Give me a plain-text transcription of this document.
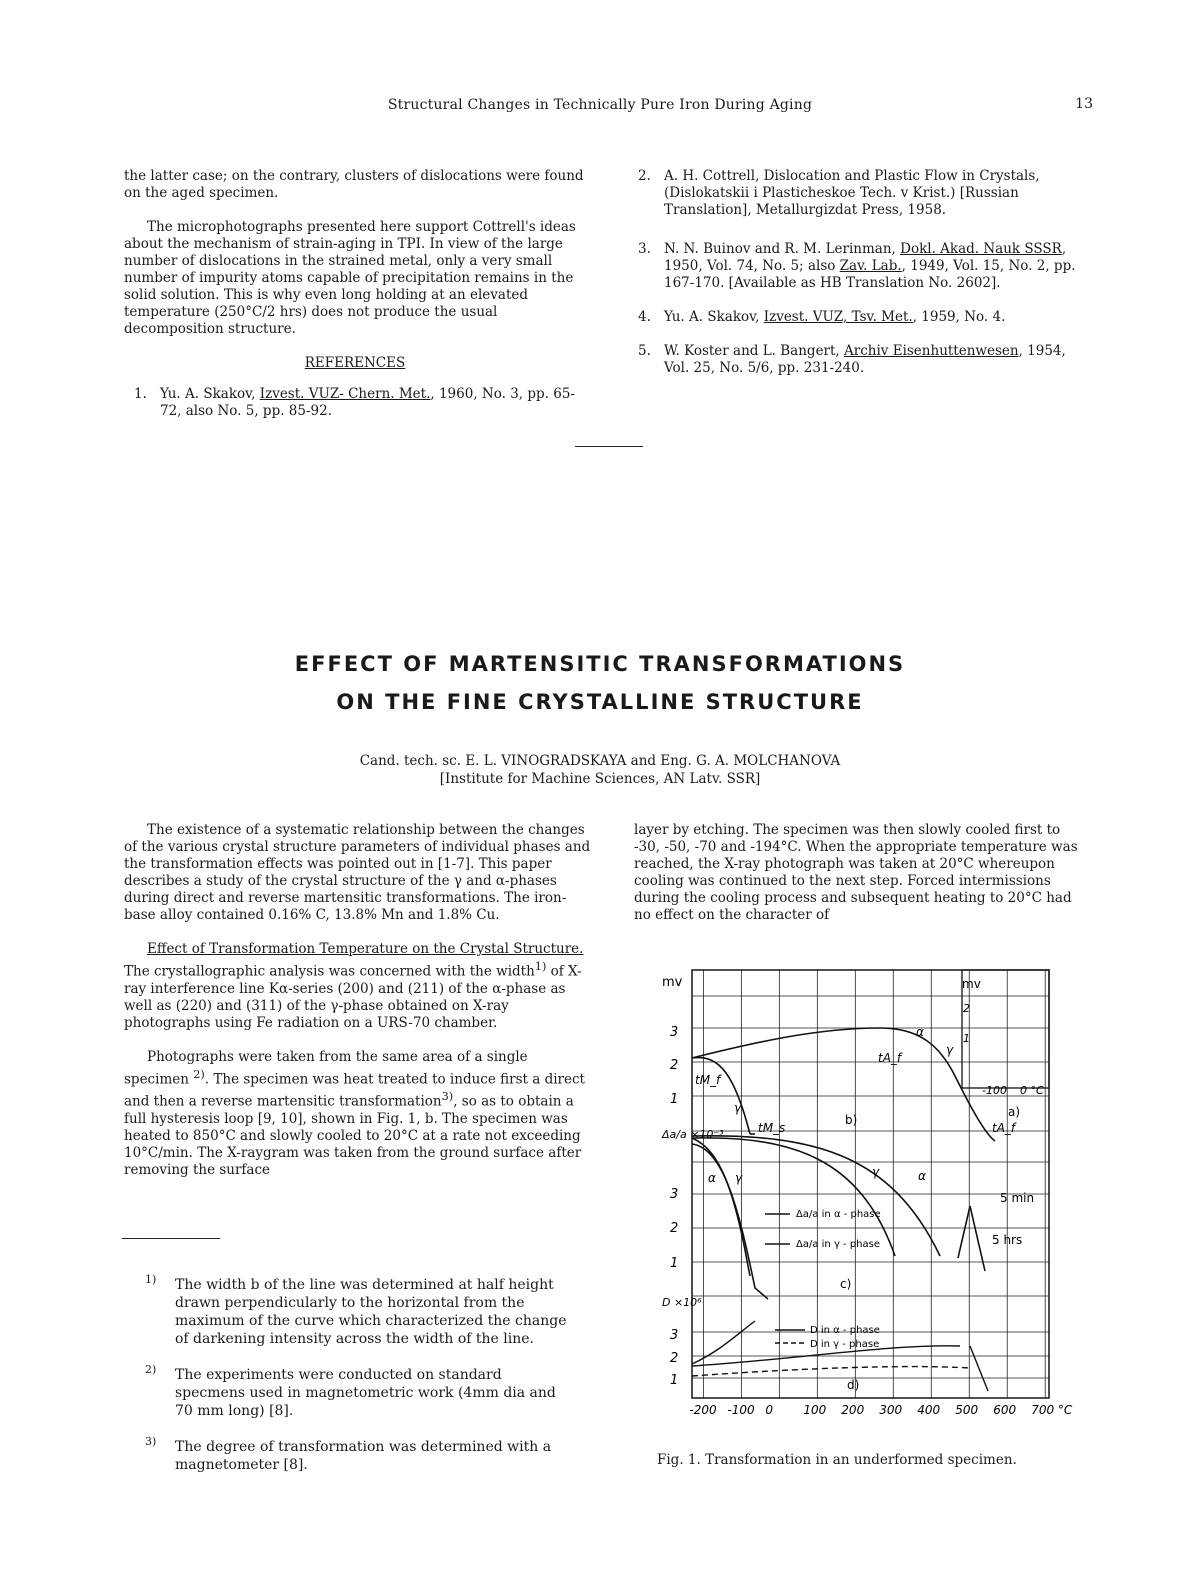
Structural Changes in Technically Pure Iron During Aging	13

the latter case; on the contrary, clusters of dislocations were found on the aged specimen.

The microphotographs presented here support Cottrell's ideas about the mechanism of strain-aging in TPI. In view of the large number of dislocations in the strained metal, only a very small number of impurity atoms capable of precipitation remains in the solid solution. This is why even long holding at an elevated temperature (250°C/2 hrs) does not produce the usual decomposition structure.

REFERENCES
1. Yu. A. Skakov, Izvest. VUZ- Chern. Met., 1960, No. 3, pp. 65-72, also No. 5, pp. 85-92.
2. A. H. Cottrell, Dislocation and Plastic Flow in Crystals, (Dislokatskii i Plasticheskoe Tech. v Krist.) [Russian Translation], Metallurgizdat Press, 1958.
3. N. N. Buinov and R. M. Lerinman, Dokl. Akad. Nauk SSSR, 1950, Vol. 74, No. 5; also Zav. Lab., 1949, Vol. 15, No. 2, pp. 167-170. [Available as HB Translation No. 2602].
4. Yu. A. Skakov, Izvest. VUZ, Tsv. Met., 1959, No. 4.
5. W. Koster and L. Bangert, Archiv Eisenhuttenwesen, 1954, Vol. 25, No. 5/6, pp. 231-240.
EFFECT OF MARTENSITIC TRANSFORMATIONS
ON THE FINE CRYSTALLINE STRUCTURE
Cand. tech. sc. E. L. VINOGRADSKAYA and Eng. G. A. MOLCHANOVA
[Institute for Machine Sciences, AN Latv. SSR]

The existence of a systematic relationship between the changes of the various crystal structure parameters of individual phases and the transformation effects was pointed out in [1-7]. This paper describes a study of the crystal structure of the γ and α-phases during direct and reverse martensitic transformations. The iron-base alloy contained 0.16% C, 13.8% Mn and 1.8% Cu.

Effect of Transformation Temperature on the Crystal Structure. The crystallographic analysis was concerned with the width$^{1)}$ of X-ray interference line Kα-series (200) and (211) of the α-phase as well as (220) and (311) of the γ-phase obtained on X-ray photographs using Fe radiation on a URS-70 chamber.

Photographs were taken from the same area of a single specimen $^{2)}$. The specimen was heat treated to induce first a direct and then a reverse martensitic transformation$^{3)}$, so as to obtain a full hysteresis loop [9, 10], shown in Fig. 1, b. The specimen was heated to 850°C and slowly cooled to 20°C at a rate not exceeding 10°C/min. The X-raygram was taken from the ground surface after removing the surface

layer by etching. The specimen was then slowly cooled first to -30, -50, -70 and -194°C. When the appropriate temperature was reached, the X-ray photograph was taken at 20°C whereupon cooling was continued to the next step. Forced intermissions during the cooling process and subsequent heating to 20°C had no effect on the character of

1) The width b of the line was determined at half height drawn perpendicularly to the horizontal from the maximum of the curve which characterized the change of darkening intensity across the width of the line.
2) The experiments were conducted on standard specmens used in magnetometric work (4mm dia and 70 mm long) [8].
3) The degree of transformation was determined with a magnetometer [8].
mv	mv
3
2
1
Δa/a ×10⁻³
3
2
1
D ×10⁶
3
2
1
2
1
-100 0 °C
a)
tA_f
tM_f
tM_s
tA_f
γ
α
γ
b)
α γ	γ	α
5 min
5 hrs
c)
Δa/a in α - phase
Δa/a in γ - phase
D in α - phase
D in γ - phase
d)
-200 -100 0	100 200 300 400 500 600 700 °C
Fig. 1. Transformation in an underformed specimen.
